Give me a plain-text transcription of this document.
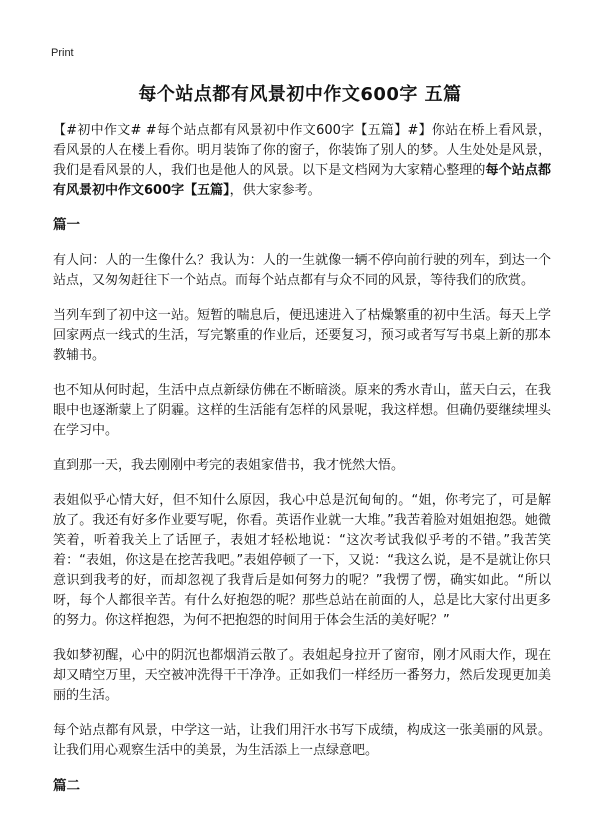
Print
每个站点都有风景初中作文600字 五篇

【#初中作文# #每个站点都有风景初中作文600字【五篇】#】你站在桥上看风景，看风景的人在楼上看你。明月装饰了你的窗子，你装饰了别人的梦。人生处处是风景，我们是看风景的人，我们也是他人的风景。以下是文档网为大家精心整理的每个站点都有风景初中作文600字【五篇】，供大家参考。

篇一

有人问：人的一生像什么？我认为：人的一生就像一辆不停向前行驶的列车，到达一个站点，又匆匆赶往下一个站点。而每个站点都有与众不同的风景，等待我们的欣赏。

当列车到了初中这一站。短暂的喘息后，便迅速进入了枯燥繁重的初中生活。每天上学回家两点一线式的生活，写完繁重的作业后，还要复习，预习或者写写书桌上新的那本教辅书。

也不知从何时起，生活中点点新绿仿佛在不断暗淡。原来的秀水青山，蓝天白云，在我眼中也逐渐蒙上了阴霾。这样的生活能有怎样的风景呢，我这样想。但确仍要继续埋头在学习中。

直到那一天，我去刚刚中考完的表姐家借书，我才恍然大悟。

表姐似乎心情大好，但不知什么原因，我心中总是沉甸甸的。“姐，你考完了，可是解放了。我还有好多作业要写呢，你看。英语作业就一大堆。”我苦着脸对姐姐抱怨。她微笑着，听着我关上了话匣子，表姐才轻松地说：“这次考试我似乎考的不错。”我苦笑着：“表姐，你这是在挖苦我吧。”表姐停顿了一下，又说：“我这么说，是不是就让你只意识到我考的好，而却忽视了我背后是如何努力的呢？”我愣了愣，确实如此。“所以呀，每个人都很辛苦。有什么好抱怨的呢？那些总站在前面的人，总是比大家付出更多的努力。你这样抱怨，为何不把抱怨的时间用于体会生活的美好呢？”

我如梦初醒，心中的阴沉也都烟消云散了。表姐起身拉开了窗帘，刚才风雨大作，现在却又晴空万里，天空被冲洗得干干净净。正如我们一样经历一番努力，然后发现更加美丽的生活。

每个站点都有风景，中学这一站，让我们用汗水书写下成绩，构成这一张美丽的风景。让我们用心观察生活中的美景，为生活添上一点绿意吧。

篇二
